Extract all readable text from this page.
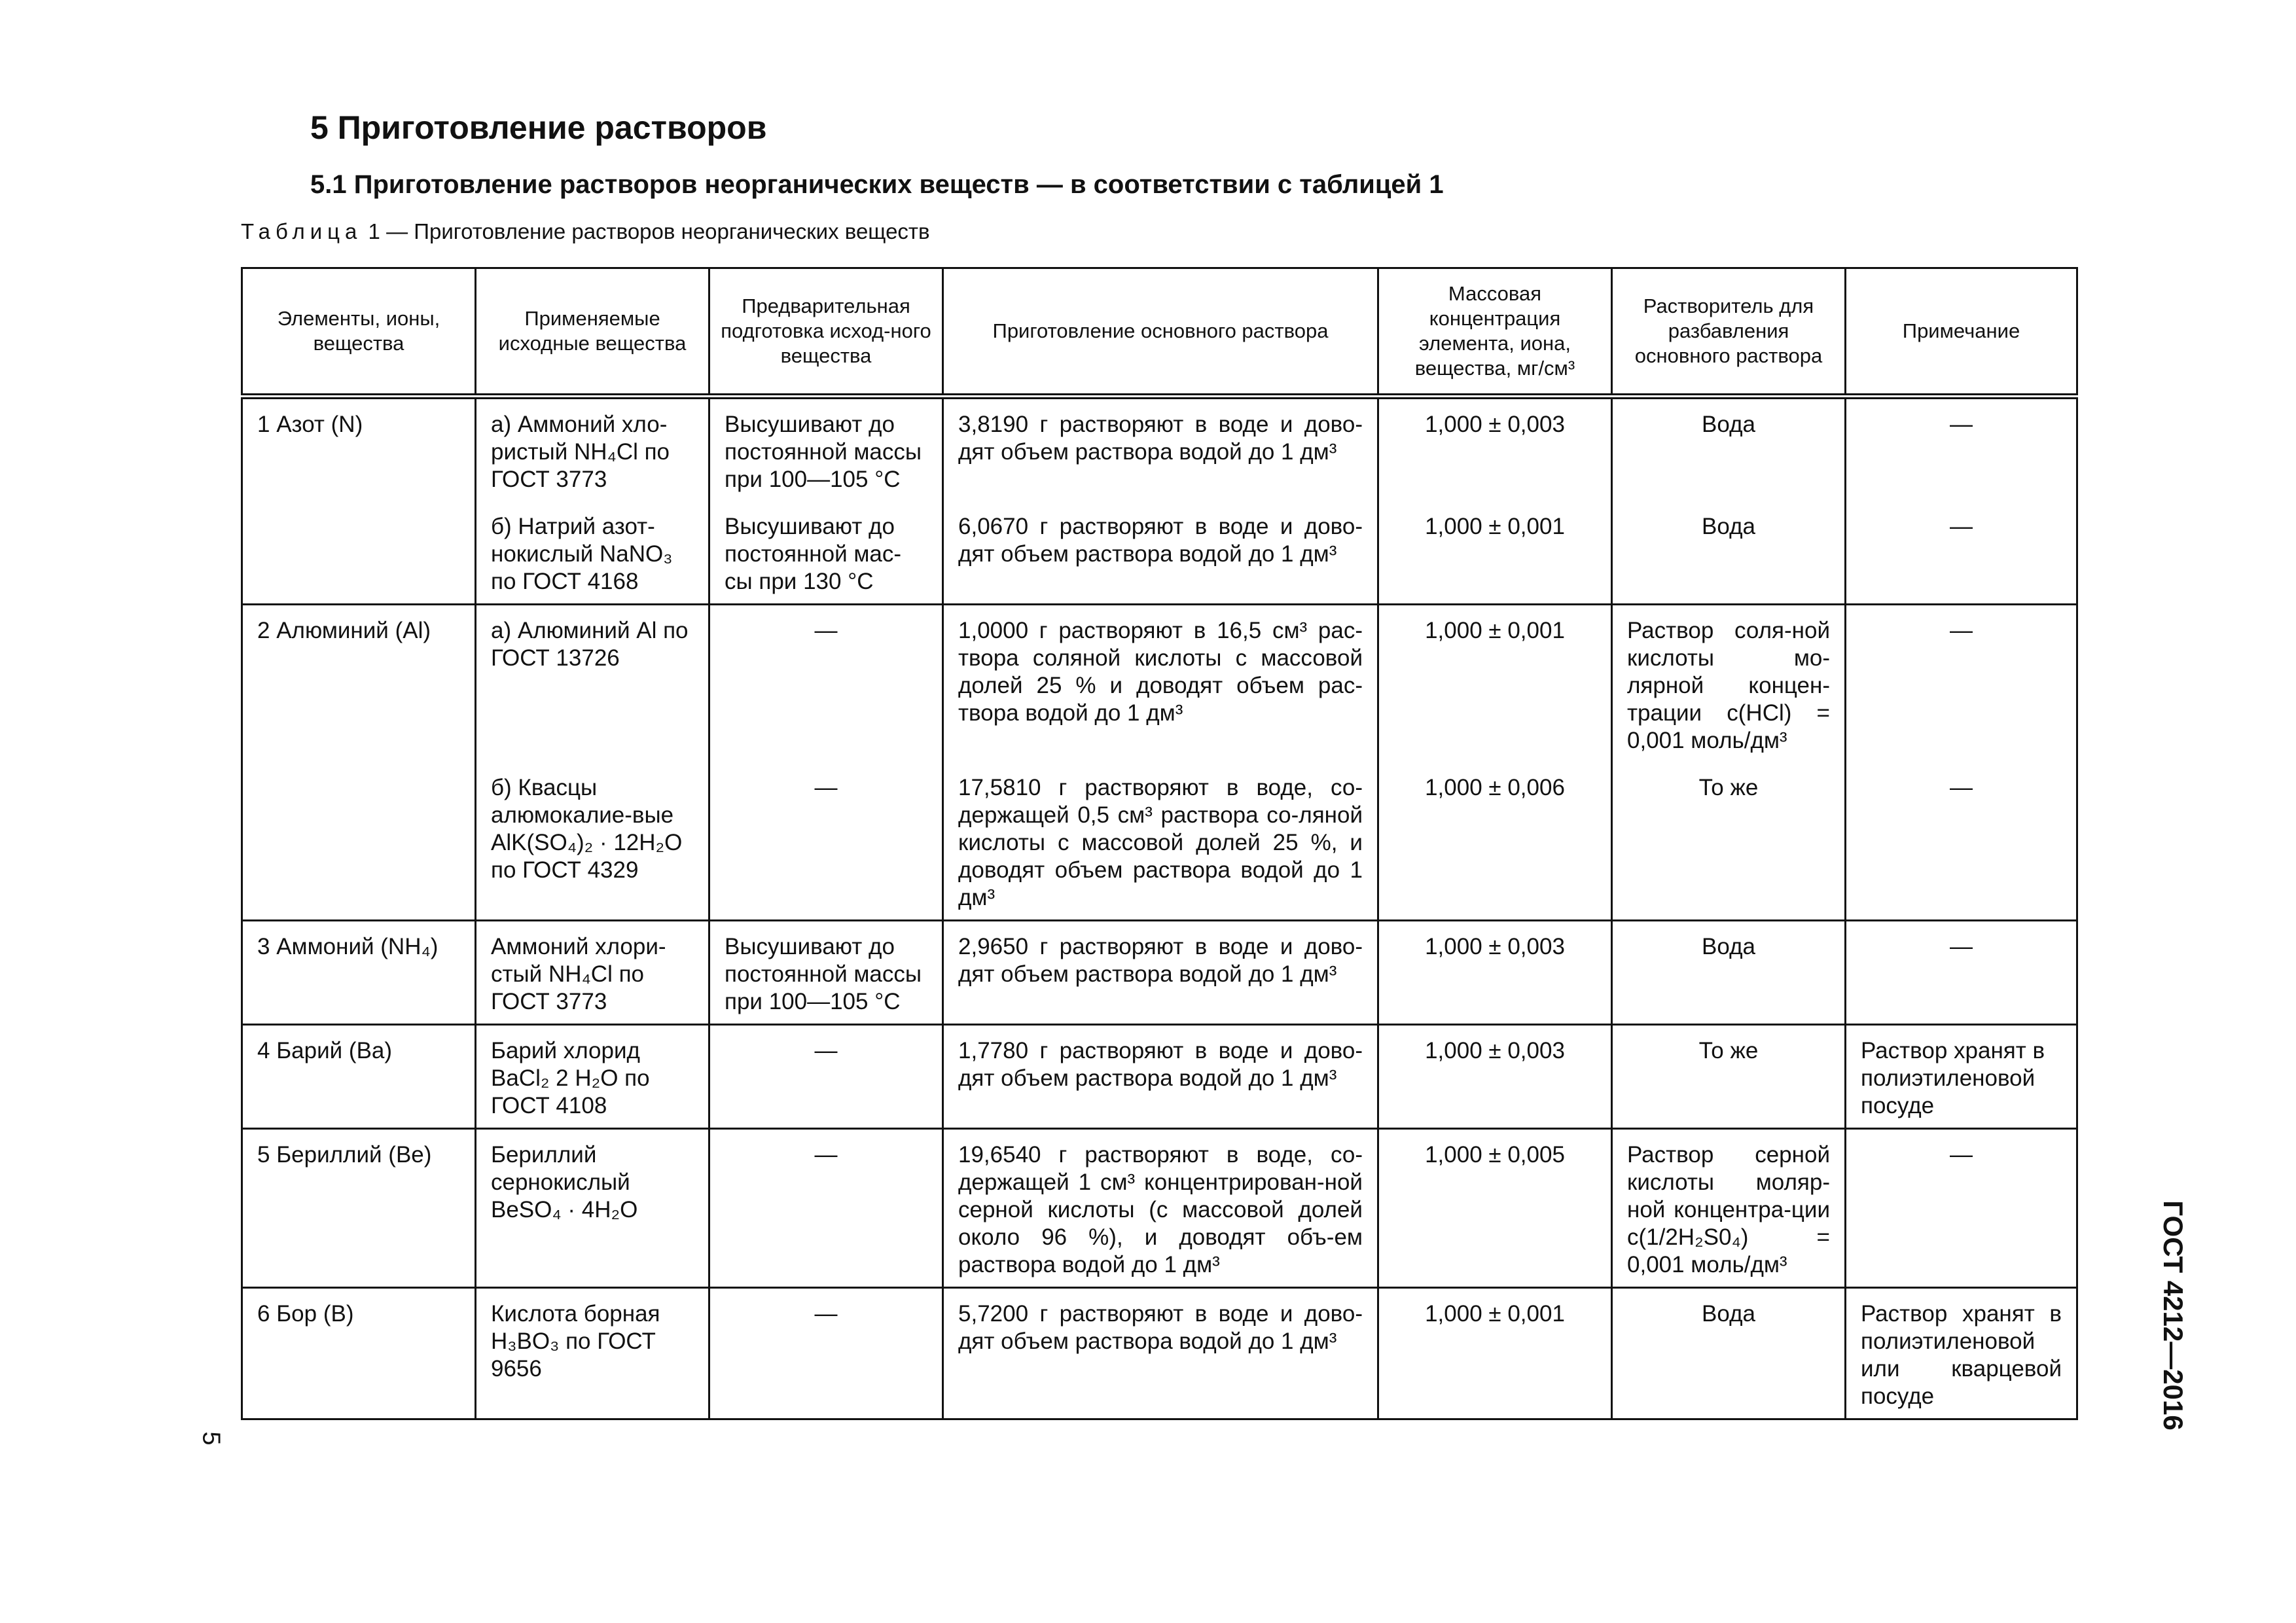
5 Приготовление растворов
5.1 Приготовление растворов неорганических веществ — в соответствии с таблицей 1
Таблица 1 — Приготовление растворов неорганических веществ
Элементы, ионы, вещества	Применяемые исходные вещества	Предварительная подготовка исход-ного вещества	Приготовление основного раствора	Массовая концентрация элемента, иона, вещества, мг/см³	Растворитель для разбавления основного раствора	Примечание
1 Азот (N)	а) Аммоний хло-ристый NH₄Cl по ГОСТ 3773	Высушивают до постоянной массы при 100—105 °C	3,8190 г растворяют в воде и дово-дят объем раствора водой до 1 дм³	1,000 ± 0,003	Вода	—
	б) Натрий азот-нокислый NaNO₃ по ГОСТ 4168	Высушивают до постоянной мас-сы при 130 °C	6,0670 г растворяют в воде и дово-дят объем раствора водой до 1 дм³	1,000 ± 0,001	Вода	—
2 Алюминий (Al)	а) Алюминий Al по ГОСТ 13726	—	1,0000 г растворяют в 16,5 см³ рас-твора соляной кислоты с массовой долей 25 % и доводят объем рас-твора водой до 1 дм³	1,000 ± 0,001	Раствор соля-ной кислоты мо-лярной концен-трации c(HCl) = 0,001 моль/дм³	—
	б) Квасцы алюмокалие-вые AlK(SO₄)₂ · 12H₂O по ГОСТ 4329	—	17,5810 г растворяют в воде, со-держащей 0,5 см³ раствора со-ляной кислоты с массовой долей 25 %, и доводят объем раствора водой до 1 дм³	1,000 ± 0,006	То же	—
3 Аммоний (NH₄)	Аммоний хлори-стый NH₄Cl по ГОСТ 3773	Высушивают до постоянной массы при 100—105 °C	2,9650 г растворяют в воде и дово-дят объем раствора водой до 1 дм³	1,000 ± 0,003	Вода	—
4 Барий (Ba)	Барий хлорид BaCl₂ 2 H₂O по ГОСТ 4108	—	1,7780 г растворяют в воде и дово-дят объем раствора водой до 1 дм³	1,000 ± 0,003	То же	Раствор хранят в полиэтиленовой посуде
5 Бериллий (Be)	Бериллий сернокислый BeSO₄ · 4H₂O	—	19,6540 г растворяют в воде, со-держащей 1 см³ концентрирован-ной серной кислоты (с массовой долей около 96 %), и доводят объ-ем раствора водой до 1 дм³	1,000 ± 0,005	Раствор серной кислоты моляр-ной концентра-ции c(1/2H₂S0₄) = 0,001 моль/дм³	—
6 Бор (B)	Кислота борная H₃BO₃ по ГОСТ 9656	—	5,7200 г растворяют в воде и дово-дят объем раствора водой до 1 дм³	1,000 ± 0,001	Вода	Раствор хранят в полиэтиленовой или кварцевой посуде	ГОСТ 4212—2016
5
